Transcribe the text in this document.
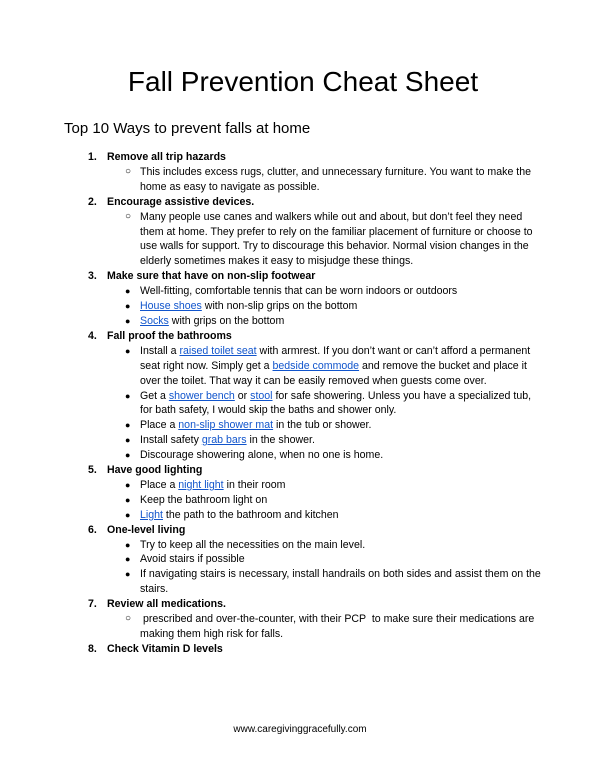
Fall Prevention Cheat Sheet
Top 10 Ways to prevent falls at home
1. Remove all trip hazards
○ This includes excess rugs, clutter, and unnecessary furniture. You want to make the home as easy to navigate as possible.
2. Encourage assistive devices.
○ Many people use canes and walkers while out and about, but don’t feel they need them at home. They prefer to rely on the familiar placement of furniture or choose to use walls for support. Try to discourage this behavior. Normal vision changes in the elderly sometimes makes it easy to misjudge these things.
3. Make sure that have on non-slip footwear
● Well-fitting, comfortable tennis that can be worn indoors or outdoors
● House shoes with non-slip grips on the bottom
● Socks with grips on the bottom
4. Fall proof the bathrooms
● Install a raised toilet seat with armrest. If you don’t want or can’t afford a permanent seat right now. Simply get a bedside commode and remove the bucket and place it over the toilet. That way it can be easily removed when guests come over.
● Get a shower bench or stool for safe showering. Unless you have a specialized tub, for bath safety, I would skip the baths and shower only.
● Place a non-slip shower mat in the tub or shower.
● Install safety grab bars in the shower.
● Discourage showering alone, when no one is home.
5. Have good lighting
● Place a night light in their room
● Keep the bathroom light on
● Light the path to the bathroom and kitchen
6. One-level living
● Try to keep all the necessities on the main level.
● Avoid stairs if possible
● If navigating stairs is necessary, install handrails on both sides and assist them on the stairs.
7. Review all medications.
○ prescribed and over-the-counter, with their PCP  to make sure their medications are making them high risk for falls.
8. Check Vitamin D levels
www.caregivinggracefully.com
